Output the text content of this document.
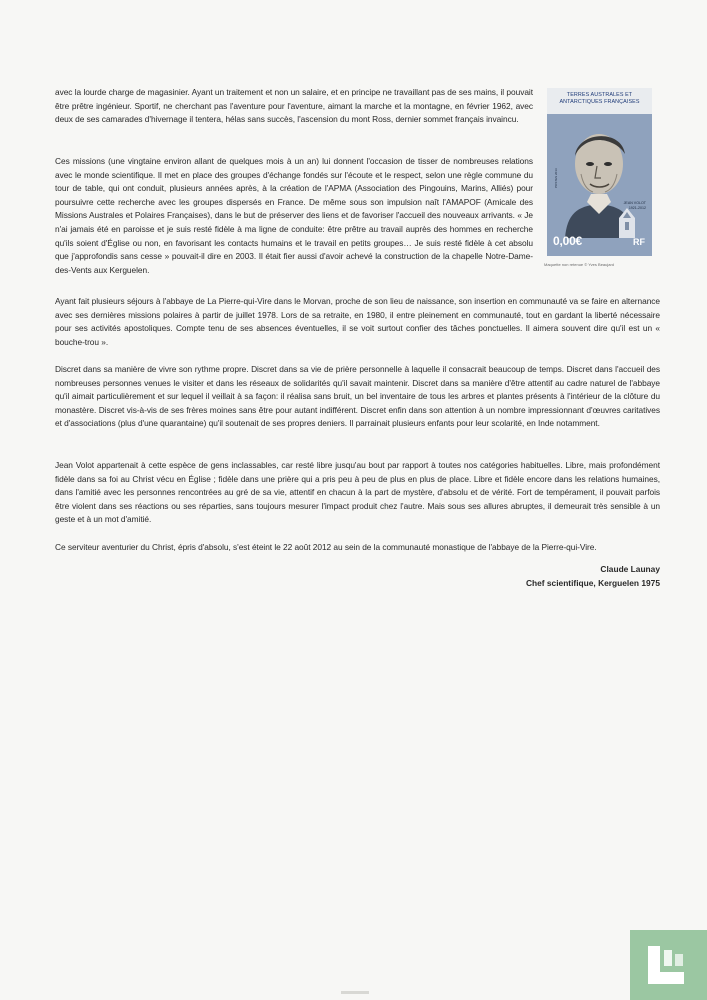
avec la lourde charge de magasinier. Ayant un traitement et non un salaire, et en principe ne travaillant pas de ses mains, il pouvait être prêtre ingénieur. Sportif, ne cherchant pas l'aventure pour l'aventure, aimant la marche et la montagne, en février 1962, avec deux de ses camarades d'hivernage il tentera, hélas sans succès, l'ascension du mont Ross, dernier sommet français invaincu.

Ces missions (une vingtaine environ allant de quelques mois à un an) lui donnent l'occasion de tisser de nombreuses relations avec le monde scientifique. Il met en place des groupes d'échange fondés sur l'écoute et le respect, selon une règle commune du tour de table, qui ont conduit, plusieurs années après, à la création de l'APMA (Association des Pingouins, Marins, Alliés) pour poursuivre cette recherche avec les groupes dispersés en France. De même sous son impulsion naît l'AMAPOF (Amicale des Missions Australes et Polaires Françaises), dans le but de préserver des liens et de favoriser l'accueil des nouveaux arrivants. « Je n'ai jamais été en paroisse et je suis resté fidèle à ma ligne de conduite: être prêtre au travail auprès des hommes en recherche qu'ils soient d'Église ou non, en favorisant les contacts humains et le travail en petits groupes… Je suis resté fidèle à cet absolu que j'approfondis sans cesse » pouvait-il dire en 2003. Il était fier aussi d'avoir achevé la construction de la chapelle Notre-Dame-des-Vents aux Kerguelen.

Ayant fait plusieurs séjours à l'abbaye de La Pierre-qui-Vire dans le Morvan, proche de son lieu de naissance, son insertion en communauté va se faire en alternance avec ses dernières missions polaires à partir de juillet 1978. Lors de sa retraite, en 1980, il entre pleinement en communauté, tout en gardant la liberté nécessaire pour ses activités apostoliques. Compte tenu de ses absences éventuelles, il se voit surtout confier des tâches ponctuelles. Il aimera souvent dire qu'il est un « bouche-trou ».

Discret dans sa manière de vivre son rythme propre. Discret dans sa vie de prière personnelle à laquelle il consacrait beaucoup de temps. Discret dans l'accueil des nombreuses personnes venues le visiter et dans les réseaux de solidarités qu'il savait maintenir. Discret dans sa manière d'être attentif au cadre naturel de l'abbaye qu'il aimait particulièrement et sur lequel il veillait à sa façon: il réalisa sans bruit, un bel inventaire de tous les arbres et plantes présents à l'intérieur de la clôture du monastère. Discret vis-à-vis de ses frères moines sans être pour autant indifférent. Discret enfin dans son attention à un nombre impressionnant d'œuvres caritatives et d'associations (plus d'une quarantaine) qu'il soutenait de ses propres deniers. Il parrainait plusieurs enfants pour leur scolarité, en Inde notamment.

Jean Volot appartenait à cette espèce de gens inclassables, car resté libre jusqu'au bout par rapport à toutes nos catégories habituelles. Libre, mais profondément fidèle dans sa foi au Christ vécu en Église ; fidèle dans une prière qui a pris peu à peu de plus en plus de place. Libre et fidèle encore dans les relations humaines, dans l'amitié avec les personnes rencontrées au gré de sa vie, attentif en chacun à la part de mystère, d'absolu et de vérité. Fort de tempérament, il pouvait parfois être violent dans ses réactions ou ses réparties, sans toujours mesurer l'impact produit chez l'autre. Mais sous ses allures abruptes, il demeurait très sensible à un geste et à un mot d'amitié.

Ce serviteur aventurier du Christ, épris d'absolu, s'est éteint le 22 août 2012 au sein de la communauté monastique de l'abbaye de la Pierre-qui-Vire.

Claude Launay
Chef scientifique, Kerguelen 1975
TERRES AUSTRALES ET
ANTARCTIQUES FRANÇAISES
POSTES 2013
JEAN VOLOT
1921-2012
0,00€	RF
Maquette non retenue © Yves Beaujard
